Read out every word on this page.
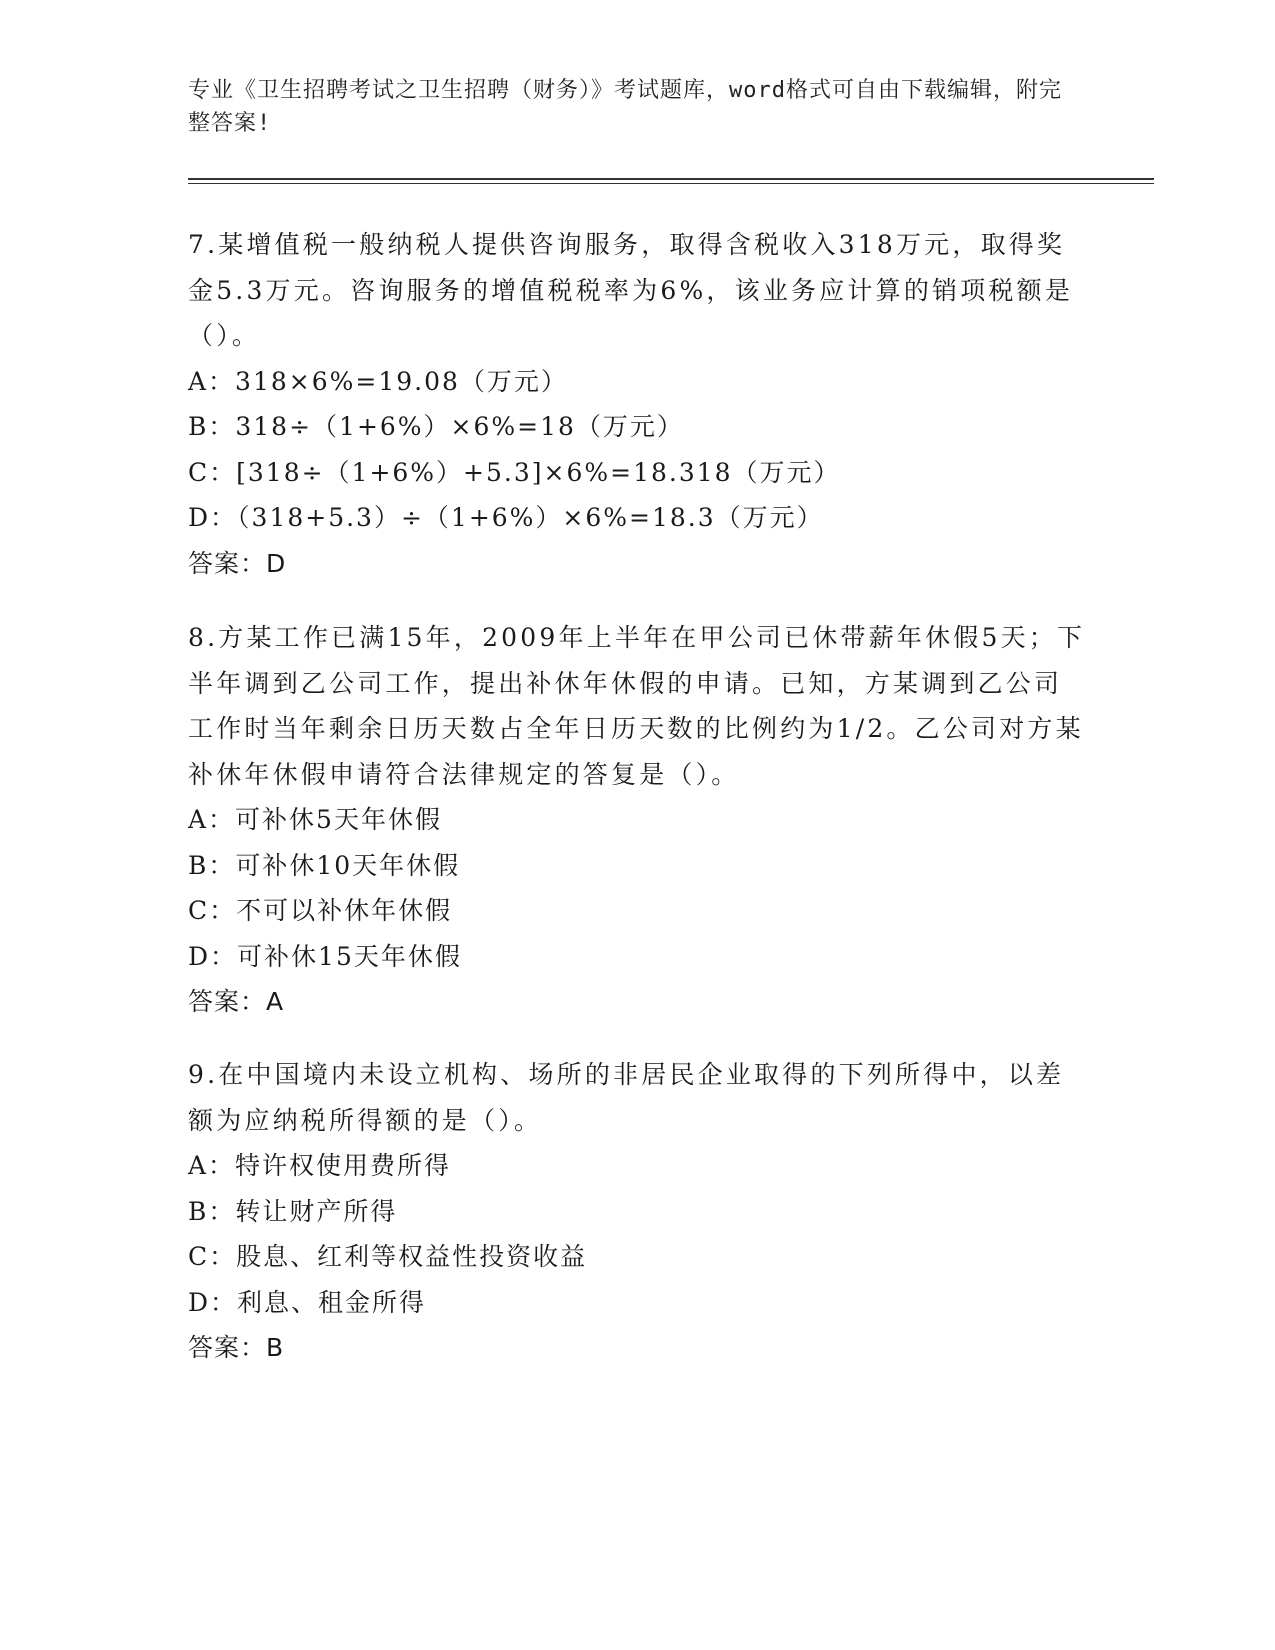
专业《卫生招聘考试之卫生招聘（财务）》考试题库，word格式可自由下载编辑，附完整答案!

7.某增值税一般纳税人提供咨询服务，取得含税收入318万元，取得奖金5.3万元。咨询服务的增值税税率为6%，该业务应计算的销项税额是（）。

A：318×6%=19.08（万元）

B：318÷（1+6%）×6%=18（万元）

C：[318÷（1+6%）+5.3]×6%=18.318（万元）

D：（318+5.3）÷（1+6%）×6%=18.3（万元）

答案：D

8.方某工作已满15年，2009年上半年在甲公司已休带薪年休假5天；下半年调到乙公司工作，提出补休年休假的申请。已知，方某调到乙公司工作时当年剩余日历天数占全年日历天数的比例约为1/2。乙公司对方某补休年休假申请符合法律规定的答复是（）。

A：可补休5天年休假

B：可补休10天年休假

C：不可以补休年休假

D：可补休15天年休假

答案：A

9.在中国境内未设立机构、场所的非居民企业取得的下列所得中，以差额为应纳税所得额的是（）。

A：特许权使用费所得

B：转让财产所得

C：股息、红利等权益性投资收益

D：利息、租金所得

答案：B
